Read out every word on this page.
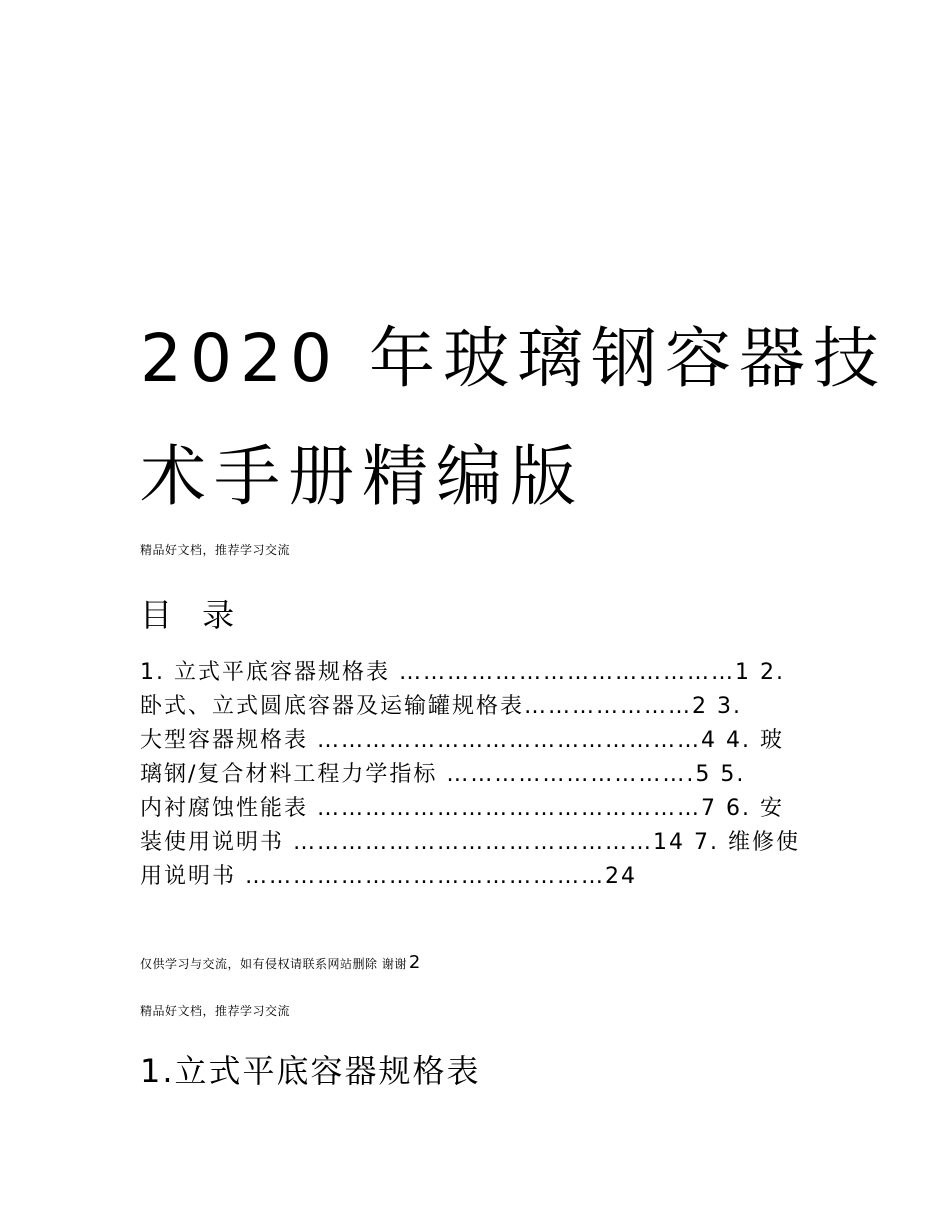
2020 年玻璃钢容器技
术手册精编版
精品好文档，推荐学习交流
目 录
1. 立式平底容器规格表 ……………………………………1 2.
卧式、立式圆底容器及运输罐规格表…………………2 3.
大型容器规格表 …………………………………………4 4. 玻
璃钢/复合材料工程力学指标 ………………………….5 5.
内衬腐蚀性能表 …………………………………………7 6. 安
装使用说明书 ………………………………………14 7. 维修使
用说明书 ………………………………………24
仅供学习与交流，如有侵权请联系网站删除 谢谢 2
精品好文档，推荐学习交流
1.立式平底容器规格表
